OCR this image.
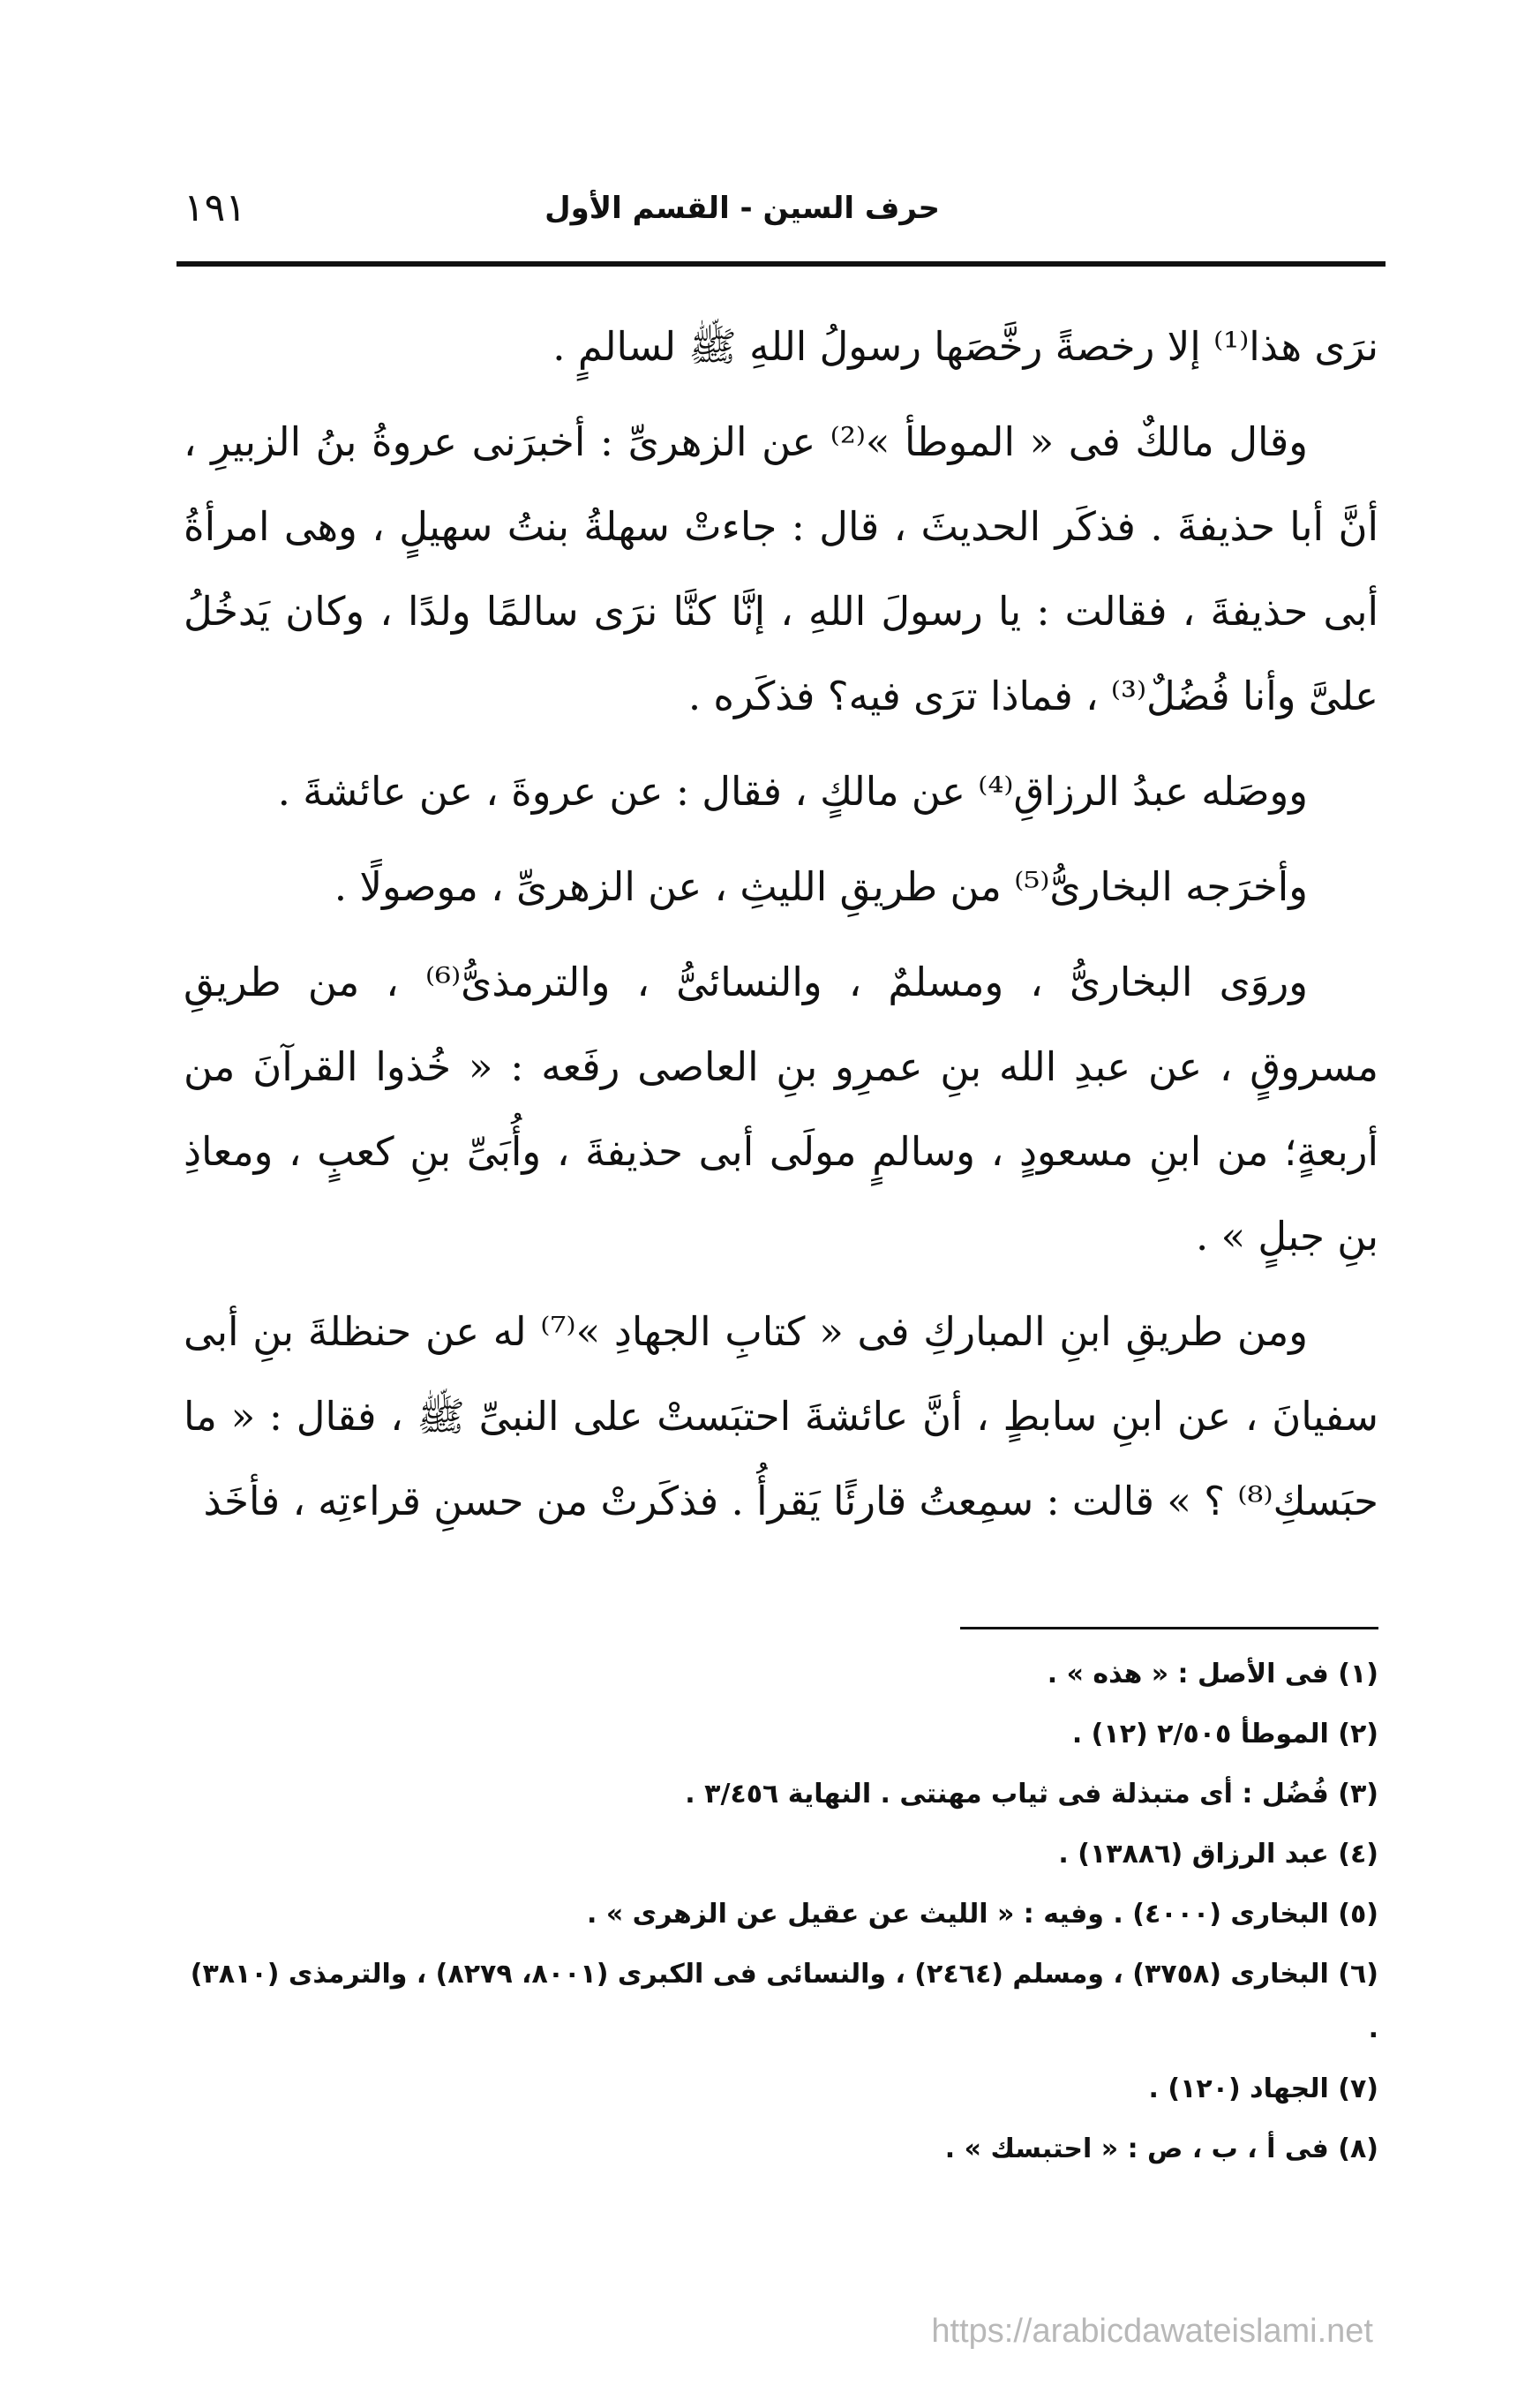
حرف السين - القسم الأول
١٩١

نرَى هذا⁽¹⁾ إلا رخصةً رخَّصَها رسولُ اللهِ ﷺ لسالمٍ .

وقال مالكٌ فى « الموطأ »⁽²⁾ عن الزهرىِّ : أخبرَنى عروةُ بنُ الزبيرِ ، أنَّ أبا حذيفةَ . فذكَر الحديثَ ، قال : جاءتْ سهلةُ بنتُ سهيلٍ ، وهى امرأةُ أبى حذيفةَ ، فقالت : يا رسولَ اللهِ ، إنَّا كنَّا نرَى سالمًا ولدًا ، وكان يَدخُلُ علىَّ وأنا فُضُلٌ⁽³⁾ ، فماذا ترَى فيه؟ فذكَره .

ووصَله عبدُ الرزاقِ⁽⁴⁾ عن مالكٍ ، فقال : عن عروةَ ، عن عائشةَ .

وأخرَجه البخارىُّ⁽⁵⁾ من طريقِ الليثِ ، عن الزهرىِّ ، موصولًا .

وروَى البخارىُّ ، ومسلمٌ ، والنسائىُّ ، والترمذىُّ⁽⁶⁾ ، من طريقِ مسروقٍ ، عن عبدِ الله بنِ عمرِو بنِ العاصى رفَعه : « خُذوا القرآنَ من أربعةٍ؛ من ابنِ مسعودٍ ، وسالمٍ مولَى أبى حذيفةَ ، وأُبَىِّ بنِ كعبٍ ، ومعاذِ بنِ جبلٍ » .

ومن طريقِ ابنِ المباركِ فى « كتابِ الجهادِ »⁽⁷⁾ له عن حنظلةَ بنِ أبى سفيانَ ، عن ابنِ سابطٍ ، أنَّ عائشةَ احتبَستْ على النبىِّ ﷺ ، فقال : « ما حبَسكِ⁽⁸⁾ ؟ » قالت : سمِعتُ قارئًا يَقرأُ . فذكَرتْ من حسنِ قراءتِه ، فأخَذ

(١) فى الأصل : « هذه » .
(٢) الموطأ ٢/٥٠٥ (١٢) .
(٣) فُضُل : أى متبذلة فى ثياب مهنتى . النهاية ٣/٤٥٦ .
(٤) عبد الرزاق (١٣٨٨٦) .
(٥) البخارى (٤٠٠٠) . وفيه : « الليث عن عقيل عن الزهرى » .
(٦) البخارى (٣٧٥٨) ، ومسلم (٢٤٦٤) ، والنسائى فى الكبرى (٨٠٠١، ٨٢٧٩) ، والترمذى (٣٨١٠) .
(٧) الجهاد (١٢٠) .
(٨) فى أ ، ب ، ص : « احتبسك » .
https://arabicdawateislami.net
